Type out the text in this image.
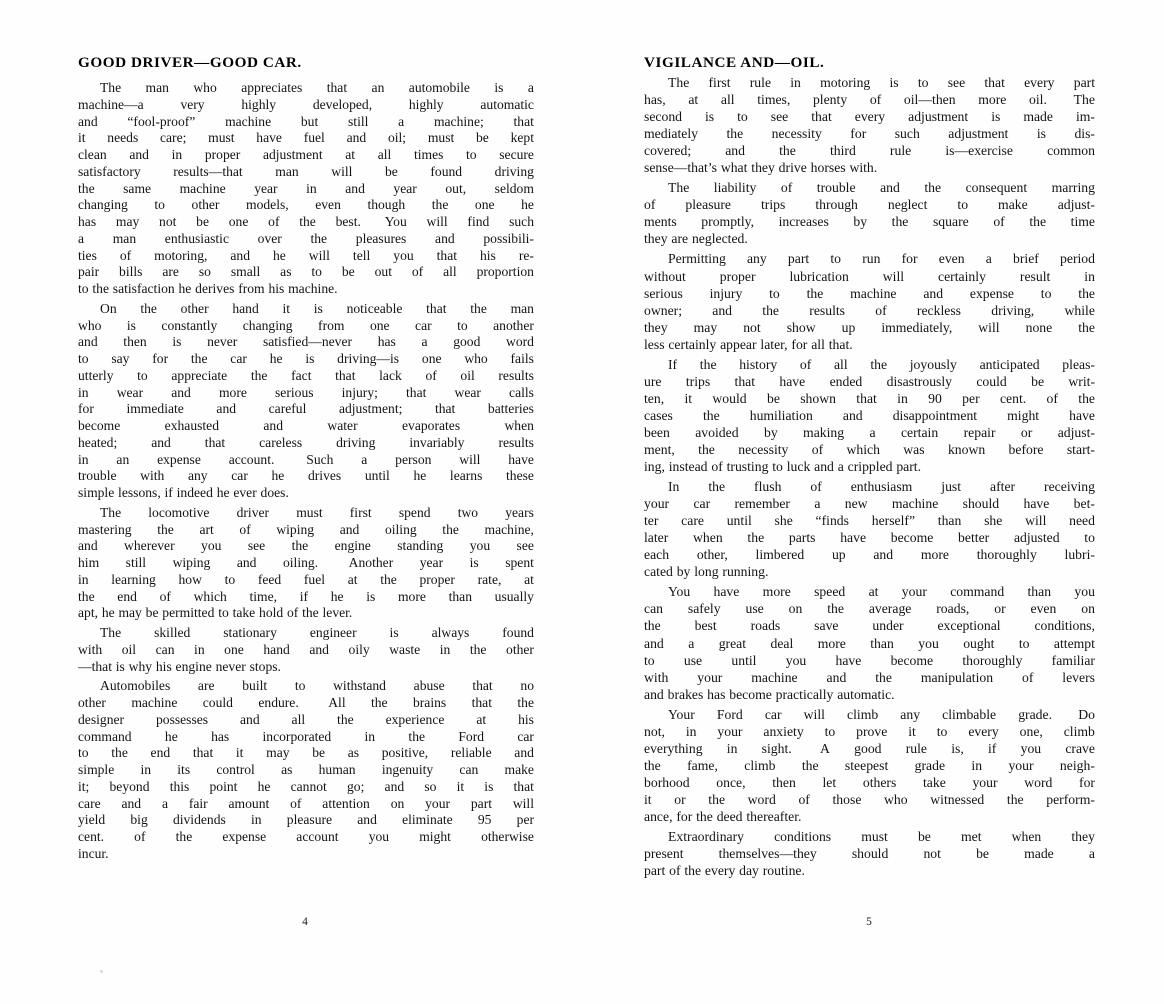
GOOD DRIVER—GOOD CAR.

The man who appreciates that an automobile is a
machine—a	very	highly	developed,	highly	automatic
and “fool-proof” machine but still a machine; that
it needs care; must have fuel and oil; must be kept
clean and in proper adjustment at all times to secure
satisfactory results—that man will be found driving
the same machine year in and year out, seldom
changing to other models, even though the one he
has may not be one of the best. You will find such
a man enthusiastic over the pleasures and possibili-
ties of motoring, and he will tell you that his re-
pair bills are so small as to be out of all proportion
to the satisfaction he derives from his machine.

On the other hand it is noticeable that the man
who is constantly changing from one car to another
and then is never satisfied—never has a good word
to say for the car he is driving—is one who fails
utterly to appreciate the fact that lack of oil results
in wear and more serious injury; that wear calls
for immediate and careful adjustment; that batteries
become	exhausted	and	water	evaporates	when
heated; and that careless driving invariably results
in an expense account. Such a person will have
trouble with any car he drives until he learns these
simple lessons, if indeed he ever does.

The locomotive driver must first spend two years
mastering the art of wiping and oiling the machine,
and wherever you see the engine standing you see
him still wiping and oiling. Another year is spent
in learning how to feed fuel at the proper rate, at
the end of which time, if he is more than usually
apt, he may be permitted to take hold of the lever.

The skilled stationary engineer is always found
with oil can in one hand and oily waste in the other
—that is why his engine never stops.

Automobiles are built to withstand abuse that no
other machine could endure. All the brains that the
designer possesses and all the experience at his
command he has incorporated in the Ford car
to the end that it may be as positive, reliable and
simple in its control as human ingenuity can make
it; beyond this point he cannot go; and so it is that
care and a fair amount of attention on your part will
yield big dividends in pleasure and eliminate 95 per
cent. of the expense account you might otherwise
incur.

VIGILANCE AND—OIL.

The first rule in motoring is to see that every part
has, at all times, plenty of oil—then more oil. The
second is to see that every adjustment is made im-
mediately the necessity for such adjustment is dis-
covered; and the third rule is—exercise common
sense—that’s what they drive horses with.

The liability of trouble and the consequent marring
of pleasure trips through neglect to make adjust-
ments promptly, increases by the square of the time
they are neglected.

Permitting any part to run for even a brief period
without proper lubrication will certainly result in
serious injury to the machine and expense to the
owner; and the results of reckless driving, while
they may not show up immediately, will none the
less certainly appear later, for all that.

If the history of all the joyously anticipated pleas-
ure trips that have ended disastrously could be writ-
ten, it would be shown that in 90 per cent. of the
cases the humiliation and disappointment might have
been avoided by making a certain repair or adjust-
ment, the necessity of which was known before start-
ing, instead of trusting to luck and a crippled part.

In the flush of enthusiasm just after receiving
your car remember a new machine should have bet-
ter care until she “finds herself” than she will need
later when the parts have become better adjusted to
each other, limbered up and more thoroughly lubri-
cated by long running.

You have more speed at your command than you
can safely use on the average roads, or even on
the best roads save under exceptional conditions,
and a great deal more than you ought to attempt
to use until you have become thoroughly familiar
with your machine and the manipulation of levers
and brakes has become practically automatic.

Your Ford car will climb any climbable grade. Do
not, in your anxiety to prove it to every one, climb
everything in sight. A good rule is, if you crave
the fame, climb the steepest grade in your neigh-
borhood once, then let others take your word for
it or the word of those who witnessed the perform-
ance, for the deed thereafter.

Extraordinary conditions must be met when they
present	themselves—they	should	not	be	made	a
part of the every day routine.

4	5
